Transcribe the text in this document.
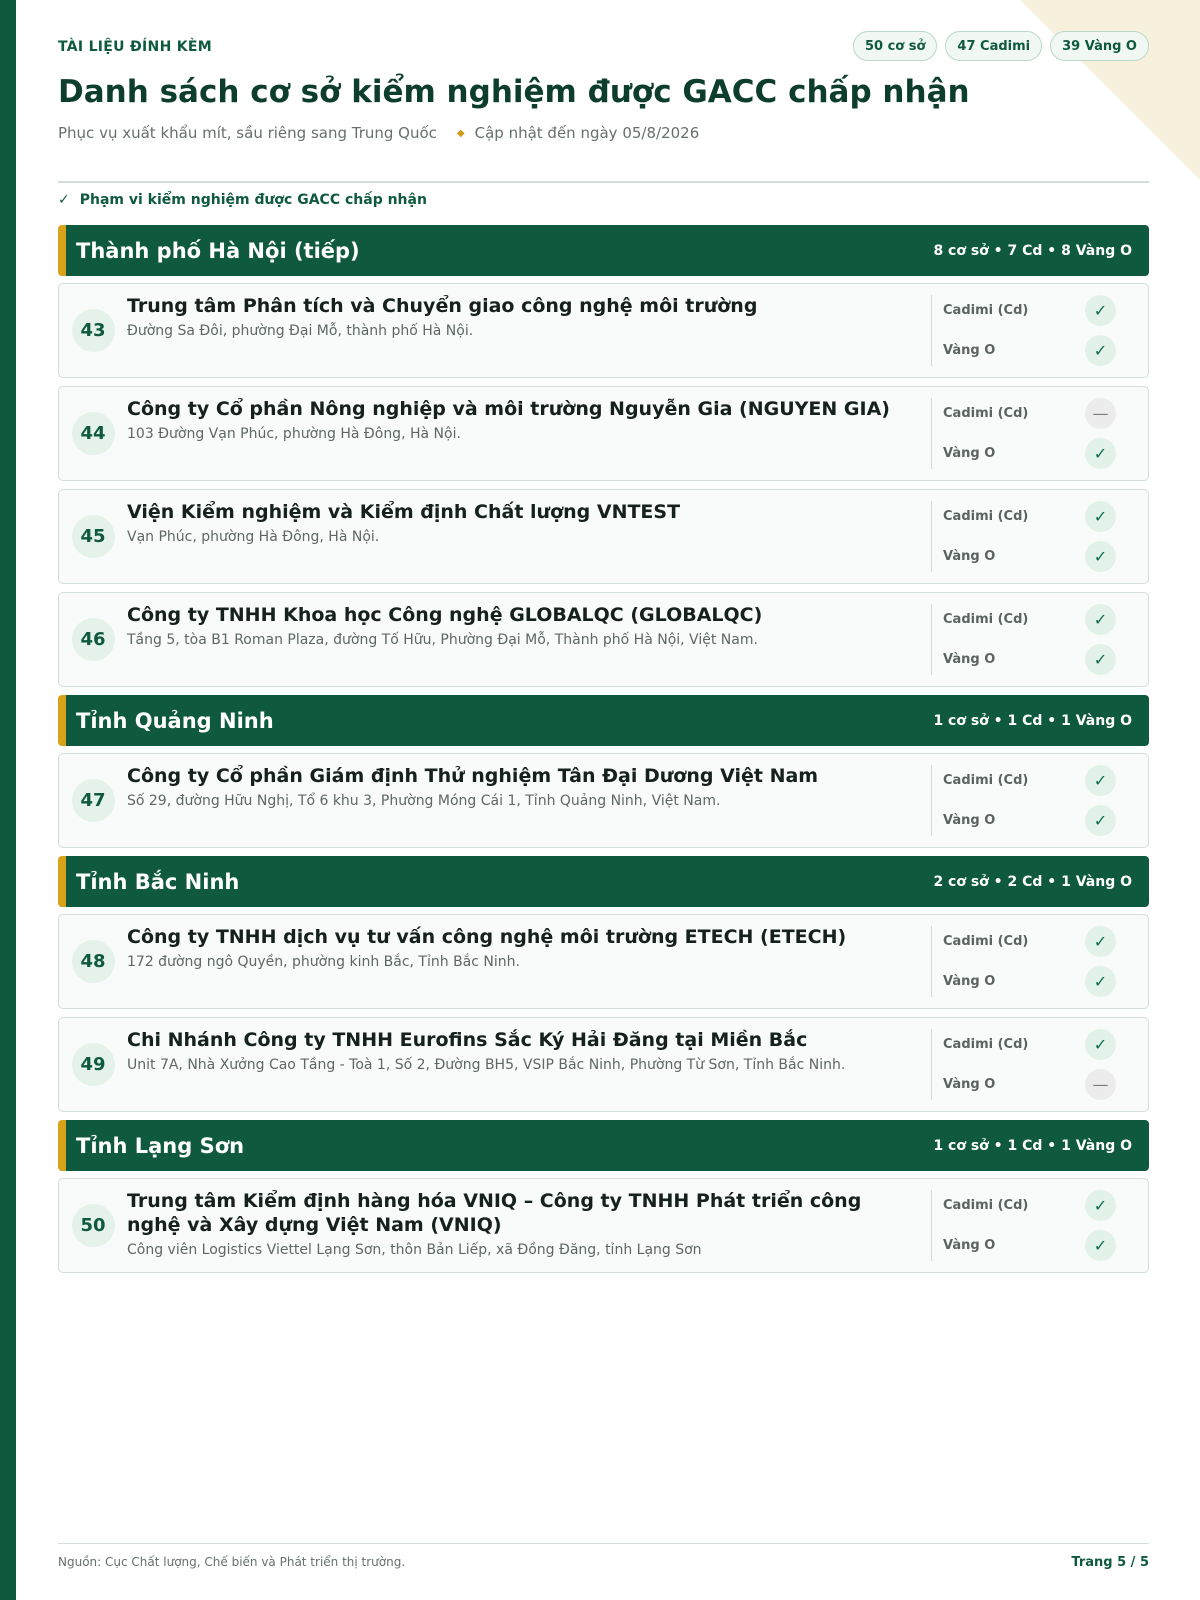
TÀI LIỆU ĐÍNH KÈM	50 cơ sở	47 Cadimi	39 Vàng O
Danh sách cơ sở kiểm nghiệm được GACC chấp nhận
Phục vụ xuất khẩu mít, sầu riêng sang Trung Quốc ◆ Cập nhật đến ngày 05/8/2026
✓ Phạm vi kiểm nghiệm được GACC chấp nhận
Thành phố Hà Nội (tiếp)	8 cơ sở • 7 Cd • 8 Vàng O
43
Trung tâm Phân tích và Chuyển giao công nghệ môi trường
Đường Sa Đôi, phường Đại Mỗ, thành phố Hà Nội.
Cadimi (Cd)	✓
Vàng O	✓
44
Công ty Cổ phần Nông nghiệp và môi trường Nguyễn Gia (NGUYEN GIA)
103 Đường Vạn Phúc, phường Hà Đông, Hà Nội.
Cadimi (Cd)	—
Vàng O	✓
45
Viện Kiểm nghiệm và Kiểm định Chất lượng VNTEST
Vạn Phúc, phường Hà Đông, Hà Nội.
Cadimi (Cd)	✓
Vàng O	✓
46
Công ty TNHH Khoa học Công nghệ GLOBALQC (GLOBALQC)
Tầng 5, tòa B1 Roman Plaza, đường Tố Hữu, Phường Đại Mỗ, Thành phố Hà Nội, Việt Nam.
Cadimi (Cd)	✓
Vàng O	✓
Tỉnh Quảng Ninh	1 cơ sở • 1 Cd • 1 Vàng O
47
Công ty Cổ phần Giám định Thử nghiệm Tân Đại Dương Việt Nam
Số 29, đường Hữu Nghị, Tổ 6 khu 3, Phường Móng Cái 1, Tỉnh Quảng Ninh, Việt Nam.
Cadimi (Cd)	✓
Vàng O	✓
Tỉnh Bắc Ninh	2 cơ sở • 2 Cd • 1 Vàng O
48
Công ty TNHH dịch vụ tư vấn công nghệ môi trường ETECH (ETECH)
172 đường ngô Quyền, phường kinh Bắc, Tỉnh Bắc Ninh.
Cadimi (Cd)	✓
Vàng O	✓
49
Chi Nhánh Công ty TNHH Eurofins Sắc Ký Hải Đăng tại Miền Bắc
Unit 7A, Nhà Xưởng Cao Tầng - Toà 1, Số 2, Đường BH5, VSIP Bắc Ninh, Phường Từ Sơn, Tỉnh Bắc Ninh.
Cadimi (Cd)	✓
Vàng O	—
Tỉnh Lạng Sơn	1 cơ sở • 1 Cd • 1 Vàng O
50
Trung tâm Kiểm định hàng hóa VNIQ – Công ty TNHH Phát triển công nghệ và Xây dựng Việt Nam (VNIQ)
Công viên Logistics Viettel Lạng Sơn, thôn Bản Liếp, xã Đồng Đăng, tỉnh Lạng Sơn
Cadimi (Cd)	✓
Vàng O	✓
Nguồn: Cục Chất lượng, Chế biến và Phát triển thị trường.	Trang 5 / 5
